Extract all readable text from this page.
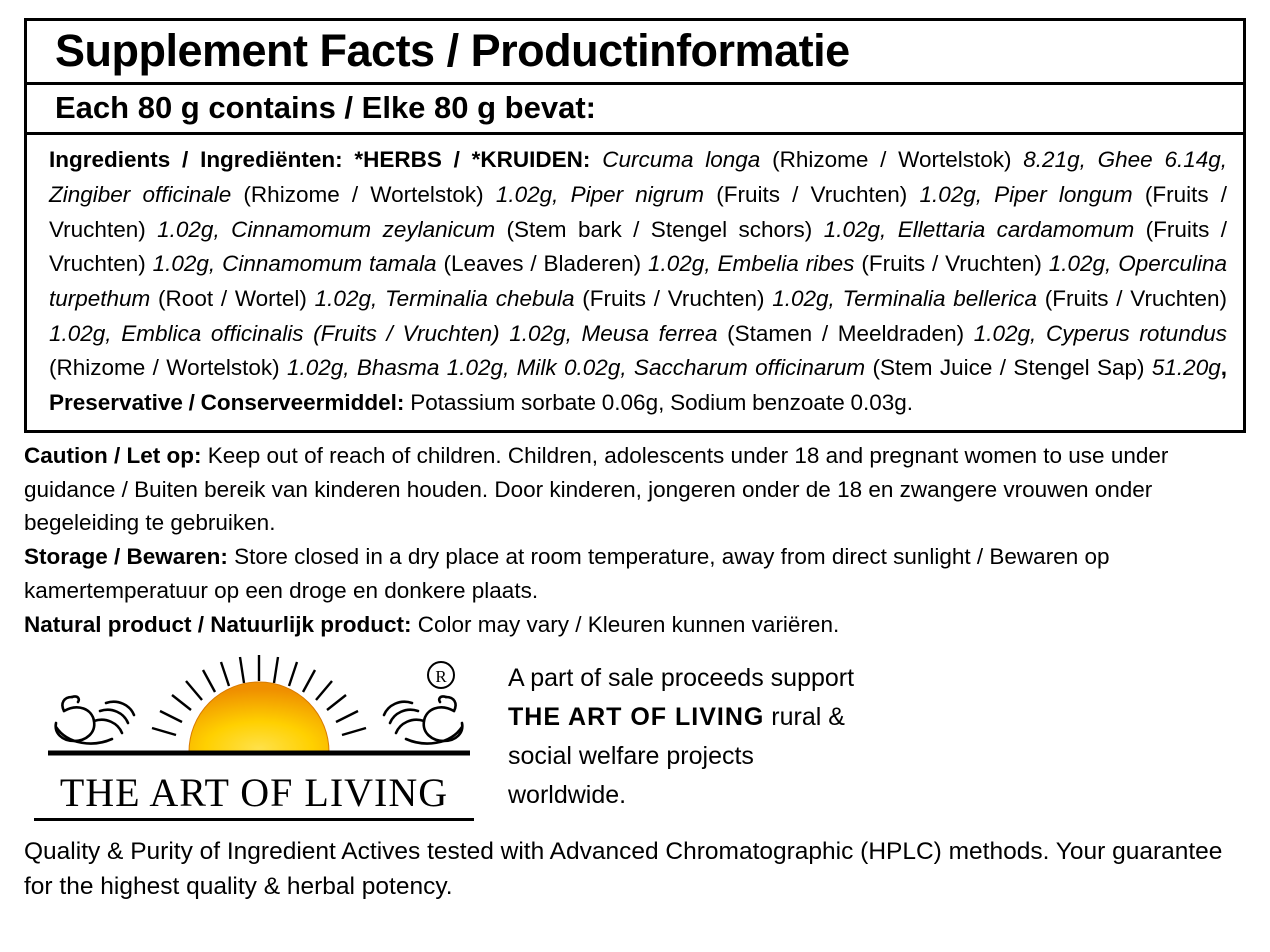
Supplement Facts / Productinformatie
Each 80 g contains / Elke 80 g bevat:
Ingredients / Ingrediënten: *HERBS / *KRUIDEN: Curcuma longa (Rhizome / Wortelstok) 8.21g, Ghee 6.14g, Zingiber officinale (Rhizome / Wortelstok) 1.02g, Piper nigrum (Fruits / Vruchten) 1.02g, Piper longum (Fruits / Vruchten) 1.02g, Cinnamomum zeylanicum (Stem bark / Stengel schors) 1.02g, Ellettaria cardamomum (Fruits / Vruchten) 1.02g, Cinnamomum tamala (Leaves / Bladeren) 1.02g, Embelia ribes (Fruits / Vruchten) 1.02g, Operculina turpethum (Root / Wortel) 1.02g, Terminalia chebula (Fruits / Vruchten) 1.02g, Terminalia bellerica (Fruits / Vruchten) 1.02g, Emblica officinalis (Fruits / Vruchten) 1.02g, Meusa ferrea (Stamen / Meeldraden) 1.02g, Cyperus rotundus (Rhizome / Wortelstok) 1.02g, Bhasma 1.02g, Milk 0.02g, Saccharum officinarum (Stem Juice / Stengel Sap) 51.20g, Preservative / Conserveermiddel: Potassium sorbate 0.06g, Sodium benzoate 0.03g.
Caution / Let op: Keep out of reach of children. Children, adolescents under 18 and pregnant women to use under guidance / Buiten bereik van kinderen houden. Door kinderen, jongeren onder de 18 en zwangere vrouwen onder begeleiding te gebruiken.
Storage / Bewaren: Store closed in a dry place at room temperature, away from direct sunlight / Bewaren op kamertemperatuur op een droge en donkere plaats.
Natural product / Natuurlijk product: Color may vary / Kleuren kunnen variëren.
R
THE ART OF LIVING
A part of sale proceeds support
THE ART OF LIVING rural &
social welfare projects
worldwide.
Quality & Purity of Ingredient Actives tested with Advanced Chromatographic (HPLC) methods. Your guarantee for the highest quality & herbal potency.
